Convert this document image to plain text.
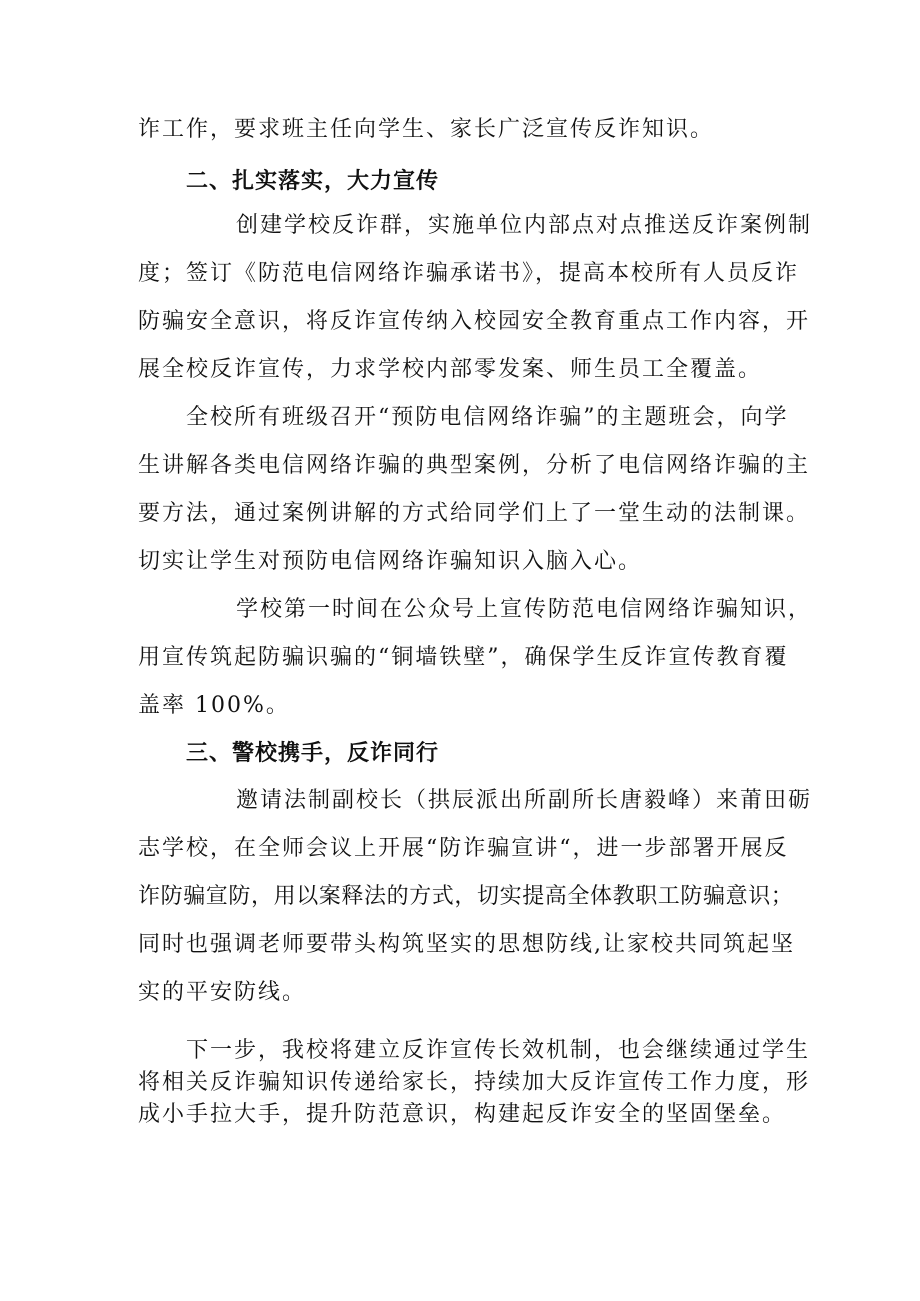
诈工作，要求班主任向学生、家长广泛宣传反诈知识。
二、扎实落实，大力宣传
创建学校反诈群，实施单位内部点对点推送反诈案例制
度；签订《防范电信网络诈骗承诺书》，提高本校所有人员反诈
防骗安全意识，将反诈宣传纳入校园安全教育重点工作内容，开
展全校反诈宣传，力求学校内部零发案、师生员工全覆盖。
全校所有班级召开“预防电信网络诈骗”的主题班会，向学
生讲解各类电信网络诈骗的典型案例，分析了电信网络诈骗的主
要方法，通过案例讲解的方式给同学们上了一堂生动的法制课。
切实让学生对预防电信网络诈骗知识入脑入心。
学校第一时间在公众号上宣传防范电信网络诈骗知识，
用宣传筑起防骗识骗的“铜墙铁壁”，确保学生反诈宣传教育覆
盖率 100%。
三、警校携手，反诈同行
邀请法制副校长（拱辰派出所副所长唐毅峰）来莆田砺
志学校，在全师会议上开展“防诈骗宣讲“，进一步部署开展反
诈防骗宣防，用以案释法的方式，切实提高全体教职工防骗意识；
同时也强调老师要带头构筑坚实的思想防线,让家校共同筑起坚
实的平安防线。
下一步，我校将建立反诈宣传长效机制，也会继续通过学生
将相关反诈骗知识传递给家长，持续加大反诈宣传工作力度，形
成小手拉大手，提升防范意识，构建起反诈安全的坚固堡垒。
